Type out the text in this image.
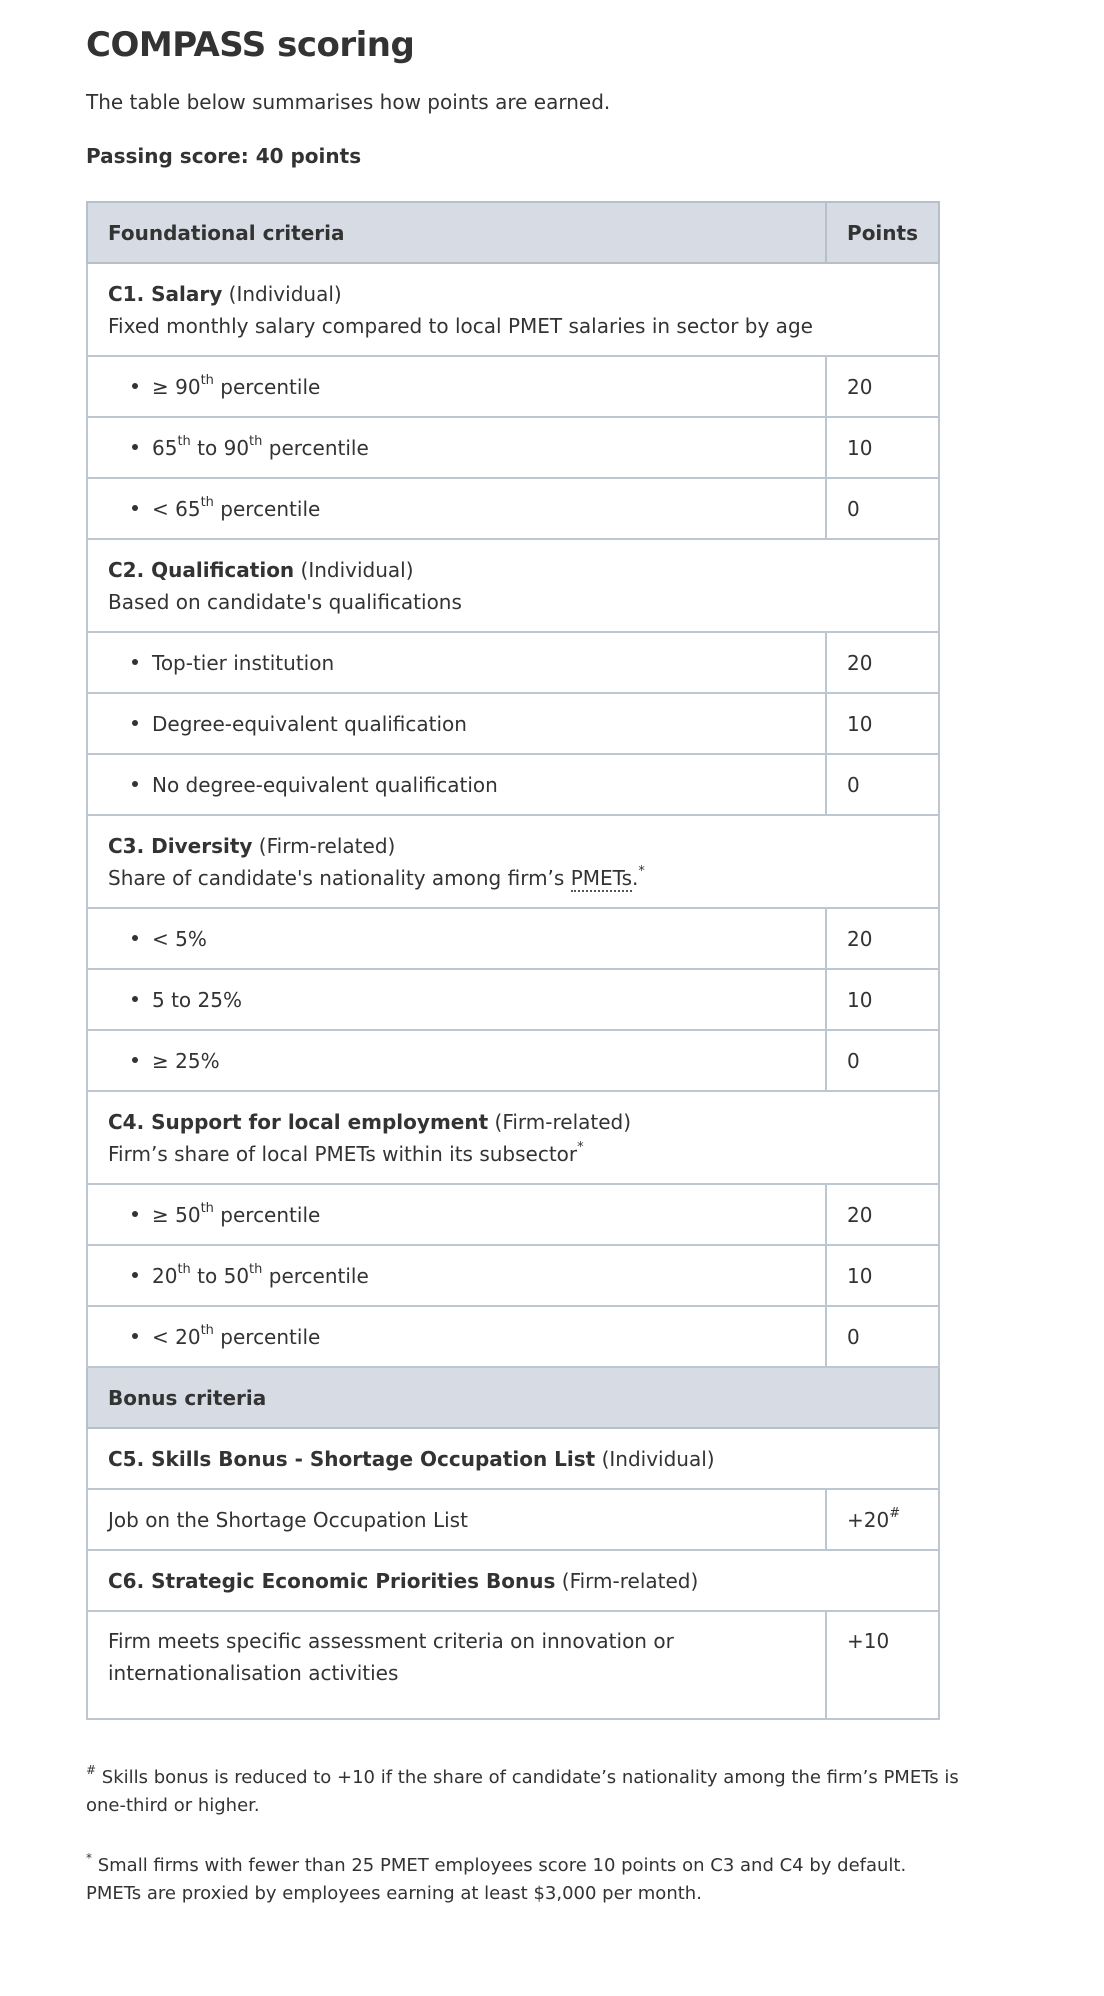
COMPASS scoring

The table below summarises how points are earned.

Passing score: 40 points

Foundational criteria	Points
C1. Salary (Individual)
Fixed monthly salary compared to local PMET salaries in sector by age	
≥ 90th percentile	20
65th to 90th percentile	10
< 65th percentile	0
C2. Qualification (Individual)
Based on candidate's qualifications	
Top-tier institution	20
Degree-equivalent qualification	10
No degree-equivalent qualification	0
C3. Diversity (Firm-related)
Share of candidate's nationality among firm’s PMETs.*
< 5%	20
5 to 25%	10
≥ 25%	0
C4. Support for local employment (Firm-related)
Firm’s share of local PMETs within its subsector*
≥ 50th percentile	20
20th to 50th percentile	10
< 20th percentile	0
Bonus criteria	
C5. Skills Bonus - Shortage Occupation List (Individual)	
Job on the Shortage Occupation List	+20#
C6. Strategic Economic Priorities Bonus (Firm-related)	
Firm meets specific assessment criteria on innovation or internationalisation activities	+10

# Skills bonus is reduced to +10 if the share of candidate’s nationality among the firm’s PMETs is one-third or higher.

* Small firms with fewer than 25 PMET employees score 10 points on C3 and C4 by default. PMETs are proxied by employees earning at least $3,000 per month.
